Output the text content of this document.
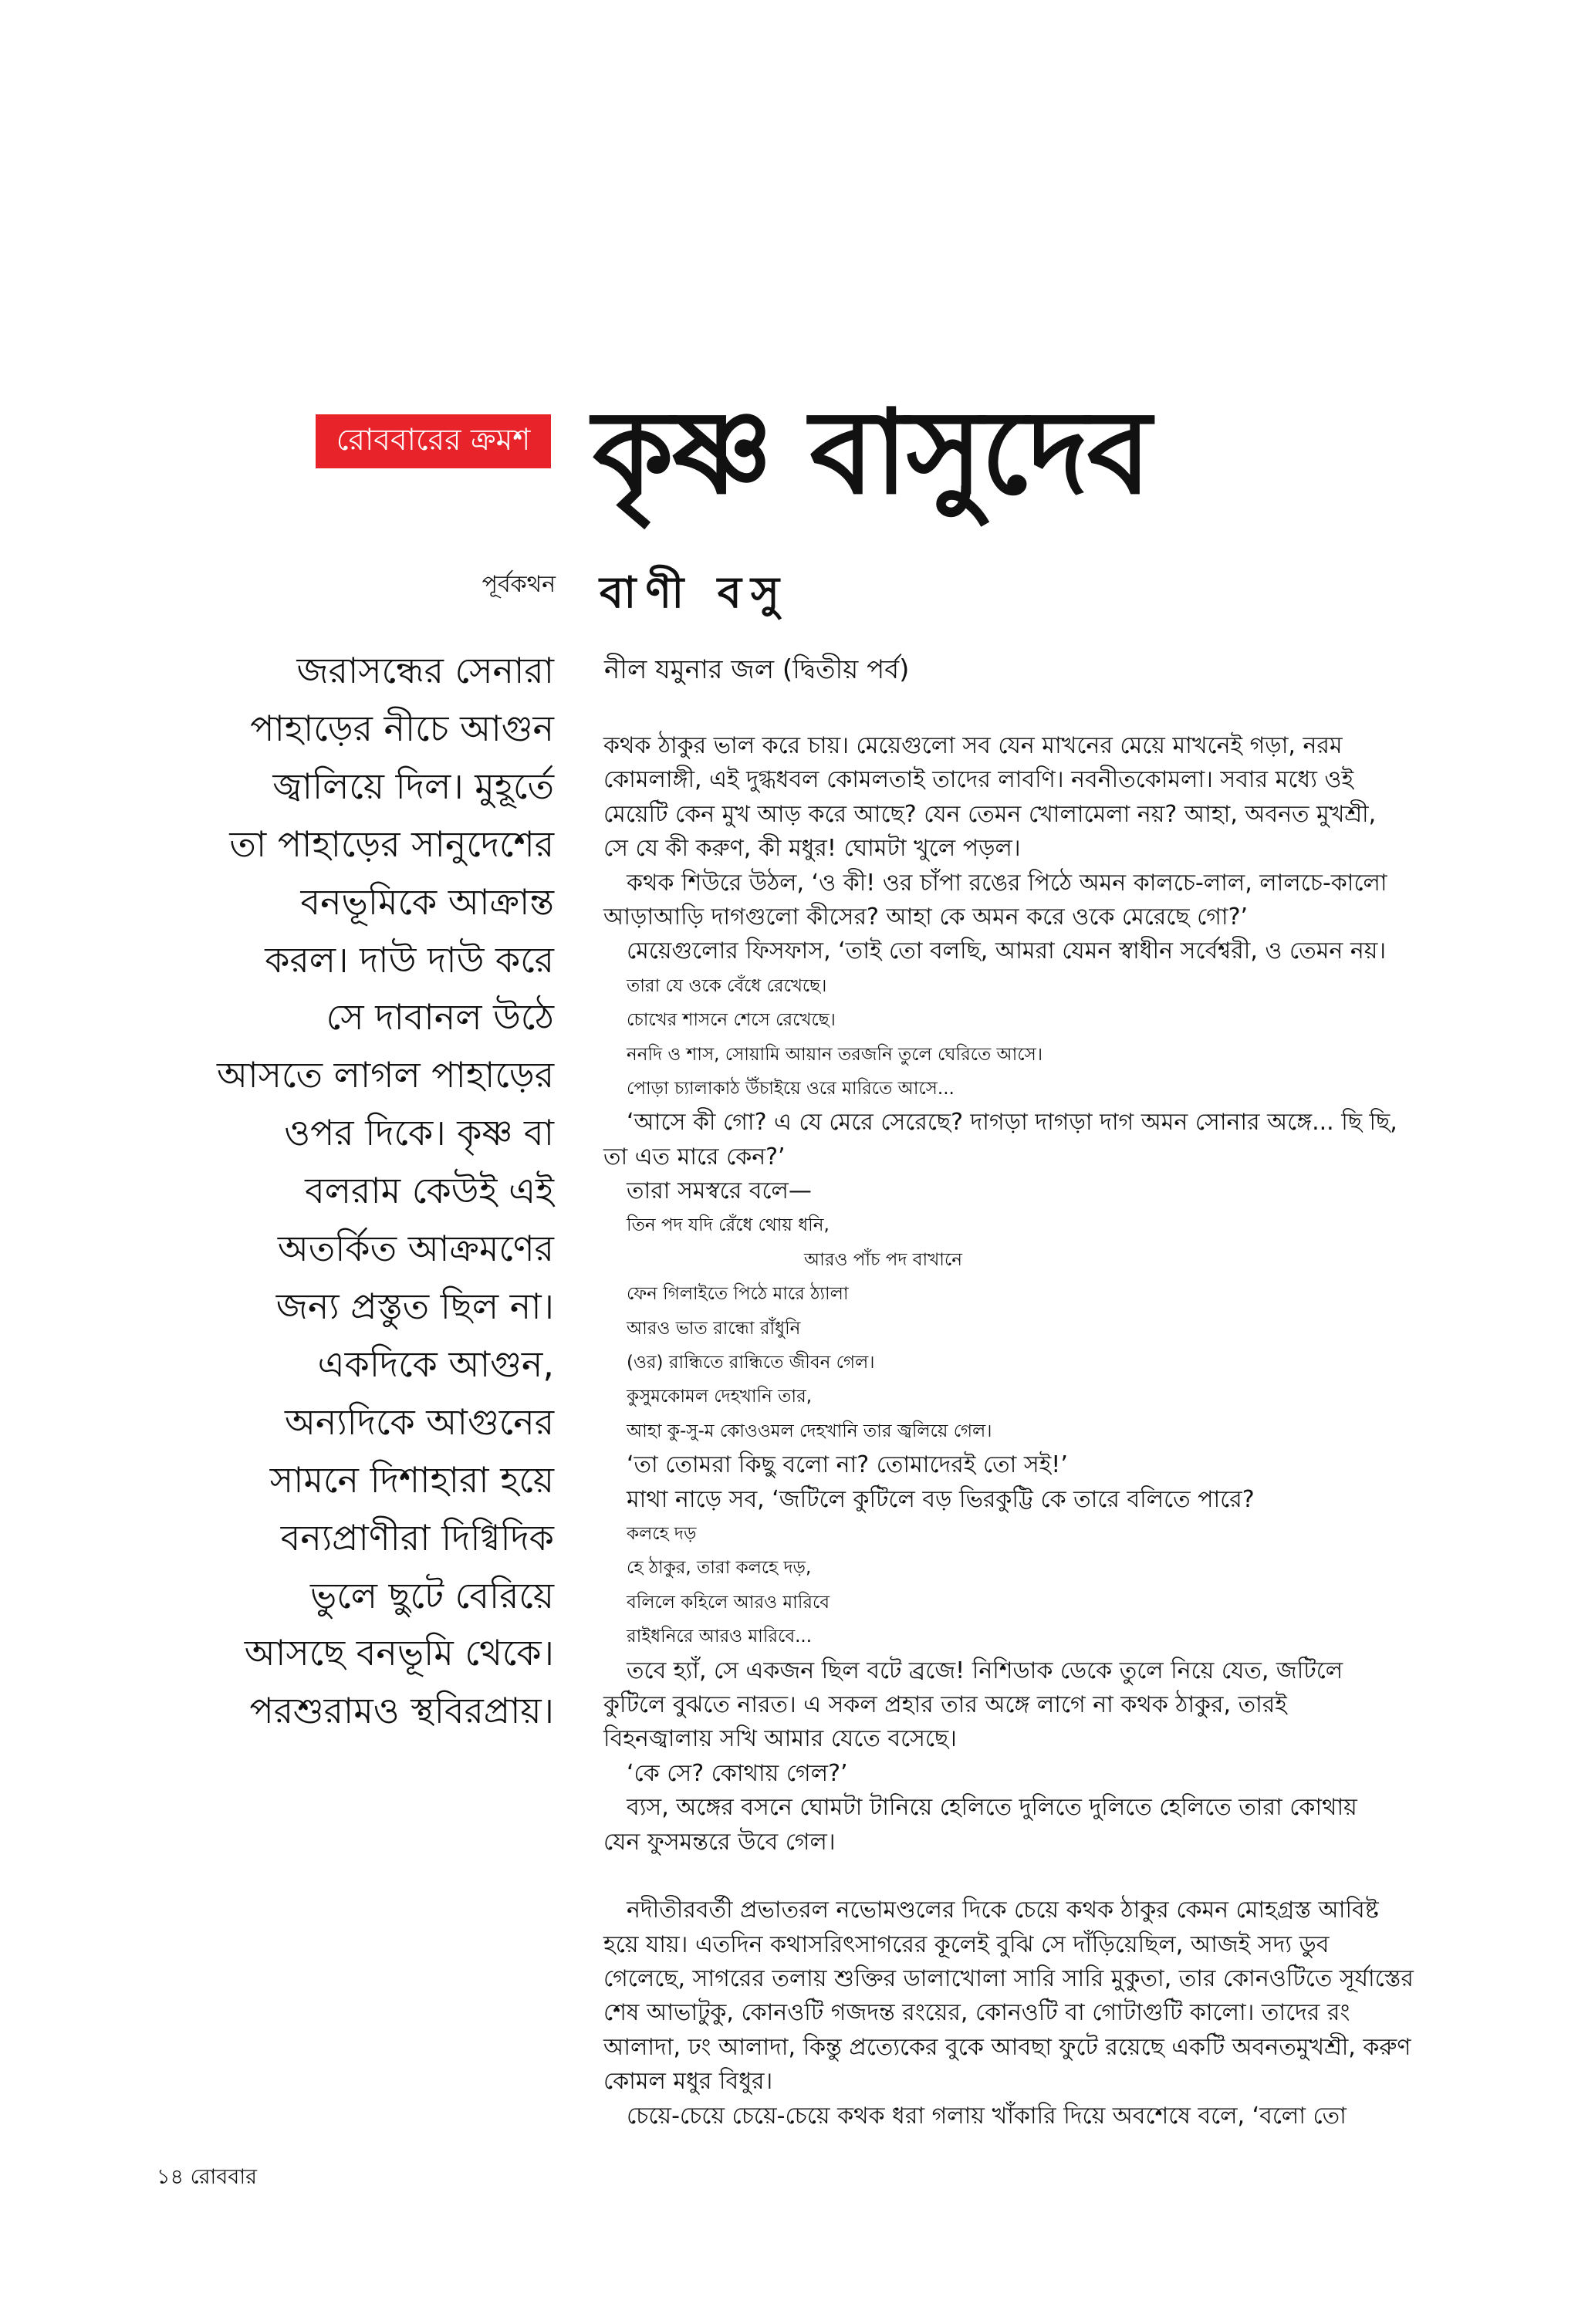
রোববারের ক্রমশ কৃষ্ণ বাসুদেব
পূর্বকথন বাণী বসু
নীল যমুনার জল (দ্বিতীয় পর্ব)
জরাসন্ধের সেনারা
পাহাড়ের নীচে আগুন
জ্বালিয়ে দিল। মুহূর্তে
তা পাহাড়ের সানুদেশের
বনভূমিকে আক্রান্ত
করল। দাউ দাউ করে
সে দাবানল উঠে
আসতে লাগল পাহাড়ের
ওপর দিকে। কৃষ্ণ বা
বলরাম কেউই এই
অতর্কিত আক্রমণের
জন্য প্রস্তুত ছিল না।
একদিকে আগুন,
অন্যদিকে আগুনের
সামনে দিশাহারা হয়ে
বন্যপ্রাণীরা দিগ্বিদিক
ভুলে ছুটে বেরিয়ে
আসছে বনভূমি থেকে।
পরশুরামও স্থবিরপ্রায়।
কথক ঠাকুর ভাল করে চায়। মেয়েগুলো সব যেন মাখনের মেয়ে মাখনেই গড়া, নরম
কোমলাঙ্গী, এই দুগ্ধধবল কোমলতাই তাদের লাবণি। নবনীতকোমলা। সবার মধ্যে ওই
মেয়েটি কেন মুখ আড় করে আছে? যেন তেমন খোলামেলা নয়? আহা, অবনত মুখশ্রী,
সে যে কী করুণ, কী মধুর! ঘোমটা খুলে পড়ল।
কথক শিউরে উঠল, ‘ও কী! ওর চাঁপা রঙের পিঠে অমন কালচে-লাল, লালচে-কালো
আড়াআড়ি দাগগুলো কীসের? আহা কে অমন করে ওকে মেরেছে গো?’
মেয়েগুলোর ফিসফাস, ‘তাই তো বলছি, আমরা যেমন স্বাধীন সর্বেশ্বরী, ও তেমন নয়।
তারা যে ওকে বেঁধে রেখেছে।
চোখের শাসনে শেসে রেখেছে।
ননদি ও শাস, সোয়ামি আয়ান তরজনি তুলে ঘেরিতে আসে।
পোড়া চ্যালাকাঠ উঁচাইয়ে ওরে মারিতে আসে...
‘আসে কী গো? এ যে মেরে সেরেছে? দাগড়া দাগড়া দাগ অমন সোনার অঙ্গে... ছি ছি,
তা এত মারে কেন?’
তারা সমস্বরে বলে—
তিন পদ যদি রেঁধে থোয় ধনি,
আরও পাঁচ পদ বাখানে
ফেন গিলাইতে পিঠে মারে ঠ্যালা
আরও ভাত রান্ধো রাঁধুনি
(ওর) রান্ধিতে রান্ধিতে জীবন গেল।
কুসুমকোমল দেহখানি তার,
আহা কু-সু-ম কোওওমল দেহখানি তার জ্বলিয়ে গেল।
‘তা তোমরা কিছু বলো না? তোমাদেরই তো সই!’
মাথা নাড়ে সব, ‘জটিলে কুটিলে বড় ভিরকুট্টি কে তারে বলিতে পারে?
কলহে দড়
হে ঠাকুর, তারা কলহে দড়,
বলিলে কহিলে আরও মারিবে
রাইধনিরে আরও মারিবে...
তবে হ্যাঁ, সে একজন ছিল বটে ব্রজে! নিশিডাক ডেকে তুলে নিয়ে যেত, জটিলে
কুটিলে বুঝতে নারত। এ সকল প্রহার তার অঙ্গে লাগে না কথক ঠাকুর, তারই
বিহনজ্বালায় সখি আমার যেতে বসেছে।
‘কে সে? কোথায় গেল?’
ব্যস, অঙ্গের বসনে ঘোমটা টানিয়ে হেলিতে দুলিতে দুলিতে হেলিতে তারা কোথায়
যেন ফুসমন্তরে উবে গেল।
নদীতীরবর্তী প্রভাতরল নভোমণ্ডলের দিকে চেয়ে কথক ঠাকুর কেমন মোহগ্রস্ত আবিষ্ট
হয়ে যায়। এতদিন কথাসরিৎসাগরের কূলেই বুঝি সে দাঁড়িয়েছিল, আজই সদ্য ডুব
গেলেছে, সাগরের তলায় শুক্তির ডালাখোলা সারি সারি মুকুতা, তার কোনওটিতে সূর্যাস্তের
শেষ আভাটুকু, কোনওটি গজদন্ত রংয়ের, কোনওটি বা গোটাগুটি কালো। তাদের রং
আলাদা, ঢং আলাদা, কিন্তু প্রত্যেকের বুকে আবছা ফুটে রয়েছে একটি অবনতমুখশ্রী, করুণ
কোমল মধুর বিধুর।
চেয়ে-চেয়ে চেয়ে-চেয়ে কথক ধরা গলায় খাঁকারি দিয়ে অবশেষে বলে, ‘বলো তো
১৪ রোববার
